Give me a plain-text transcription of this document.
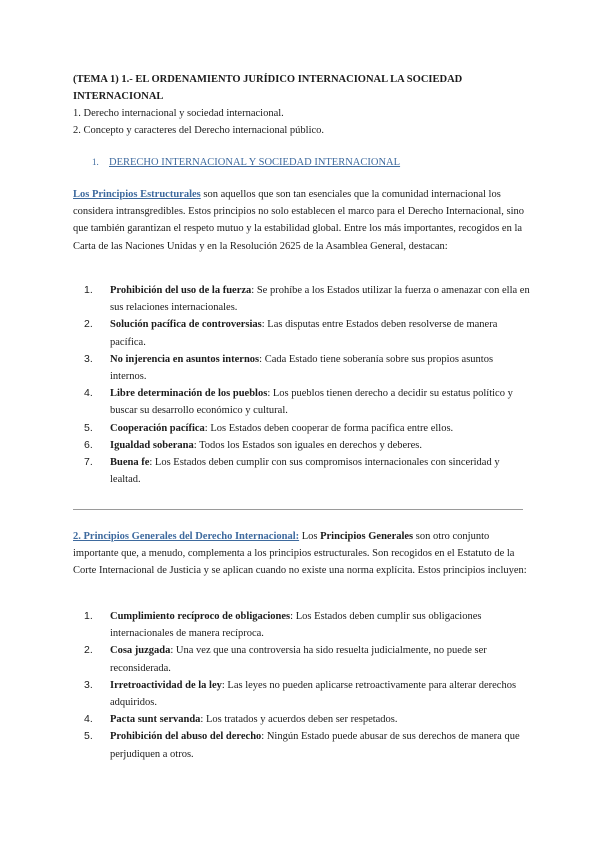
(TEMA 1) 1.- EL ORDENAMIENTO JURÍDICO INTERNACIONAL LA SOCIEDAD INTERNACIONAL
1. Derecho internacional y sociedad internacional.
2. Concepto y caracteres del Derecho internacional público.
1. DERECHO INTERNACIONAL Y SOCIEDAD INTERNACIONAL
Los Principios Estructurales son aquellos que son tan esenciales que la comunidad internacional los considera intransgredibles. Estos principios no solo establecen el marco para el Derecho Internacional, sino que también garantizan el respeto mutuo y la estabilidad global. Entre los más importantes, recogidos en la Carta de las Naciones Unidas y en la Resolución 2625 de la Asamblea General, destacan:
1. Prohibición del uso de la fuerza: Se prohíbe a los Estados utilizar la fuerza o amenazar con ella en sus relaciones internacionales.
2. Solución pacífica de controversias: Las disputas entre Estados deben resolverse de manera pacífica.
3. No injerencia en asuntos internos: Cada Estado tiene soberanía sobre sus propios asuntos internos.
4. Libre determinación de los pueblos: Los pueblos tienen derecho a decidir su estatus político y buscar su desarrollo económico y cultural.
5. Cooperación pacífica: Los Estados deben cooperar de forma pacífica entre ellos.
6. Igualdad soberana: Todos los Estados son iguales en derechos y deberes.
7. Buena fe: Los Estados deben cumplir con sus compromisos internacionales con sinceridad y lealtad.
2. Principios Generales del Derecho Internacional: Los Principios Generales son otro conjunto importante que, a menudo, complementa a los principios estructurales. Son recogidos en el Estatuto de la Corte Internacional de Justicia y se aplican cuando no existe una norma explícita. Estos principios incluyen:
1. Cumplimiento recíproco de obligaciones: Los Estados deben cumplir sus obligaciones internacionales de manera recíproca.
2. Cosa juzgada: Una vez que una controversia ha sido resuelta judicialmente, no puede ser reconsiderada.
3. Irretroactividad de la ley: Las leyes no pueden aplicarse retroactivamente para alterar derechos adquiridos.
4. Pacta sunt servanda: Los tratados y acuerdos deben ser respetados.
5. Prohibición del abuso del derecho: Ningún Estado puede abusar de sus derechos de manera que perjudiquen a otros.
